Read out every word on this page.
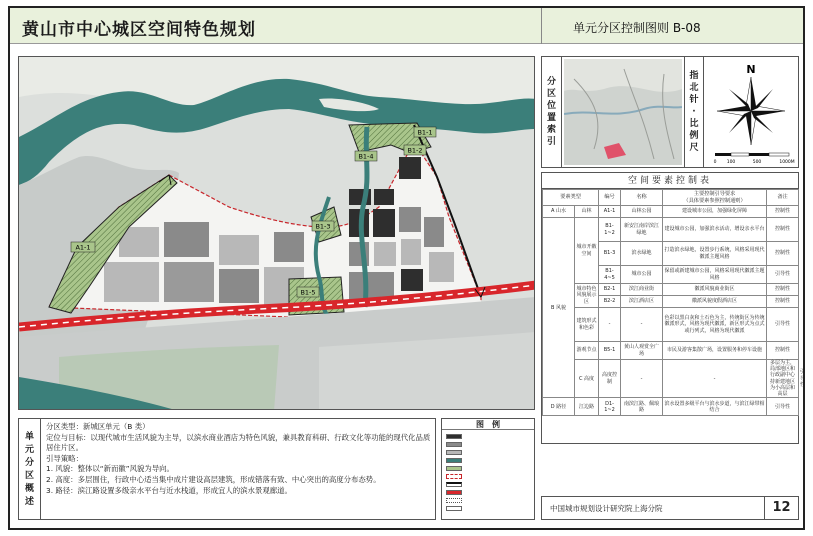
黄山市中心城区空间特色规划	单元分区控制图则 B-08
A1-1
B1-1
B1-2
B1-3
B1-4
B1-5
单
元
分
区
概
述
分区类型：新城区单元（B 类）
定位与目标：以现代城市生活风貌为主导，以滨水商业酒店为特色风貌，兼具教育科研、行政文化等功能的现代化品质居住片区。
引导策略：
1. 风貌：整体以“新而徽”风貌为导向。
2. 高度：多层围住，行政中心适当集中成片建设高层建筑，形成错落有致、中心突出的高度分布态势。
3. 路径：滨江路设置多级亲水平台与近水栈道，形成宜人的滨水景观廊道。
图　例
分
区
位
置
索
引
指
北
针
·
比
例
尺
N
0 100	500	1000M
空间要素控制表
要素类型		编号	名称	主要控制引导要求
（具体要素参照控制通则）	备注	
A 山水	山林	A1-1	山林公园	建设城市公园，加强绿化屏障	控制性	
B 风貌	城市开敞空间	B1-
1~2	新安江南岸滨江绿地	建设城市公园，加强滨水活动，增设亲水平台	控制性	
		B1-3	滨水绿地	打造滨水绿地，设置步行系统，风格采用现代徽派主题风格	控制性	
		B1-
4~5	城市公园	保留或新建城市公园，风格采用现代徽派主题风格	引导性	
	城市特色风貌展示区	B2-1	滨江商业街	徽派风貌商业街区	控制性	
		B2-2	滨江酒店区	徽派风貌度假酒店区	控制性	
	建筑形式和色彩	-	-	色彩以黑白灰和土石色为主，传统街区为传统徽派形式，风格为现代徽派，新区形式为点式或行列式，风格为现代徽派	引导性	
	游观节点	B5-1	黄山人观赏全广场	市民及游客集散广场，设置服务和停车设施	控制性	
	C 高度	高度控制	-	-	多层为主，局部地区和行政副中心持新建地区为小高层和高层	引导性
D 路径	江边路	D1-
1~2	南滨江路、佩琅路	滨水设置多级平台与滨水步道，与滨江绿带相结合	引导性	
中国城市规划设计研究院上海分院	12
